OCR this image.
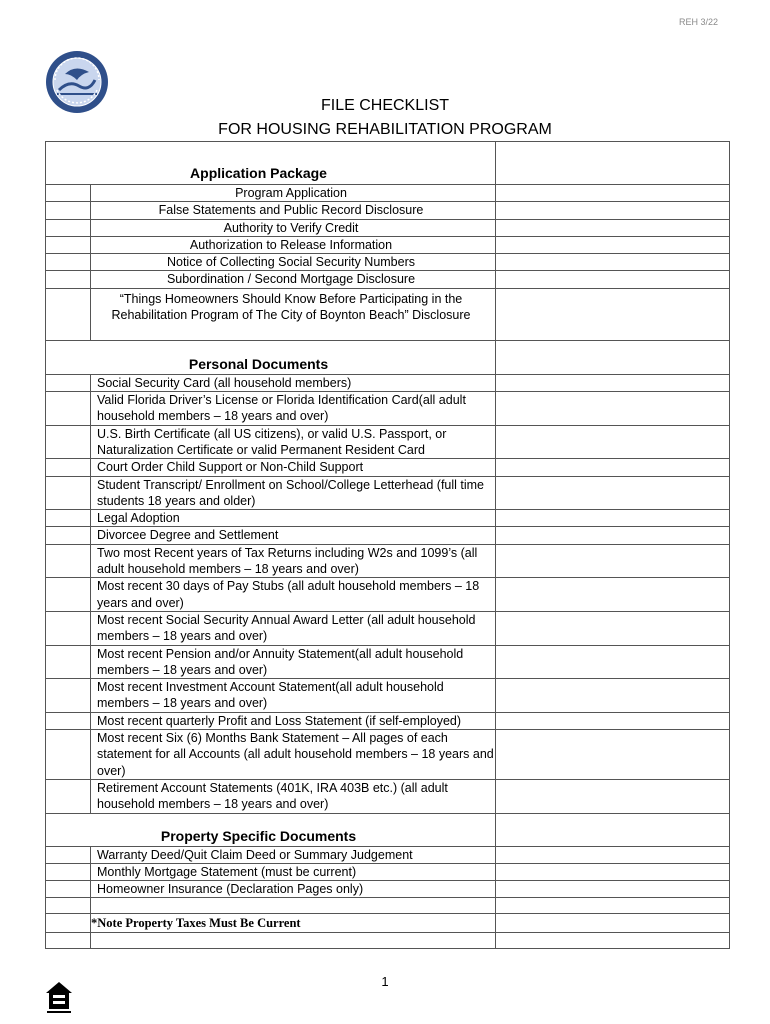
REH 3/22
FILE CHECKLIST
FOR HOUSING REHABILITATION PROGRAM
Application Package		
	Program Application	

	False Statements and Public Record Disclosure	

	Authority to Verify Credit	

	Authorization to Release Information	

	Notice of Collecting Social Security Numbers	

	Subordination / Second Mortgage Disclosure	

	“Things Homeowners Should Know Before Participating in the Rehabilitation Program of The City of Boynton Beach” Disclosure	

Personal Documents		
	Social Security Card (all household members)	
	Valid Florida Driver’s License or Florida Identification Card(all adult household members – 18 years and over)	
	U.S. Birth Certificate (all US citizens), or valid U.S. Passport, or Naturalization Certificate or valid Permanent Resident Card	
	Court Order Child Support or Non-Child Support	
	Student Transcript/ Enrollment on School/College Letterhead (full time students 18 years and older)	
	Legal Adoption	
	Divorcee Degree and Settlement	
	Two most Recent years of Tax Returns including W2s and 1099’s (all adult household members – 18 years and over)	
	Most recent 30 days of Pay Stubs (all adult household members – 18 years and over)	
	Most recent Social Security Annual Award Letter (all adult household members – 18 years and over)	
	Most recent Pension and/or Annuity Statement(all adult household members – 18 years and over)	
	Most recent Investment Account Statement(all adult household members – 18 years and over)	
	Most recent quarterly Profit and Loss Statement (if self-employed)	
	Most recent Six (6) Months Bank Statement – All pages of each statement for all Accounts (all adult household members – 18 years and over)	
	Retirement Account Statements (401K, IRA 403B etc.) (all adult household members – 18 years and over)	
Property Specific Documents		
	Warranty Deed/Quit Claim Deed or Summary Judgement	
	Monthly Mortgage Statement (must be current)	
	Homeowner Insurance (Declaration Pages only)	

	*Note Property Taxes Must Be Current	

1
